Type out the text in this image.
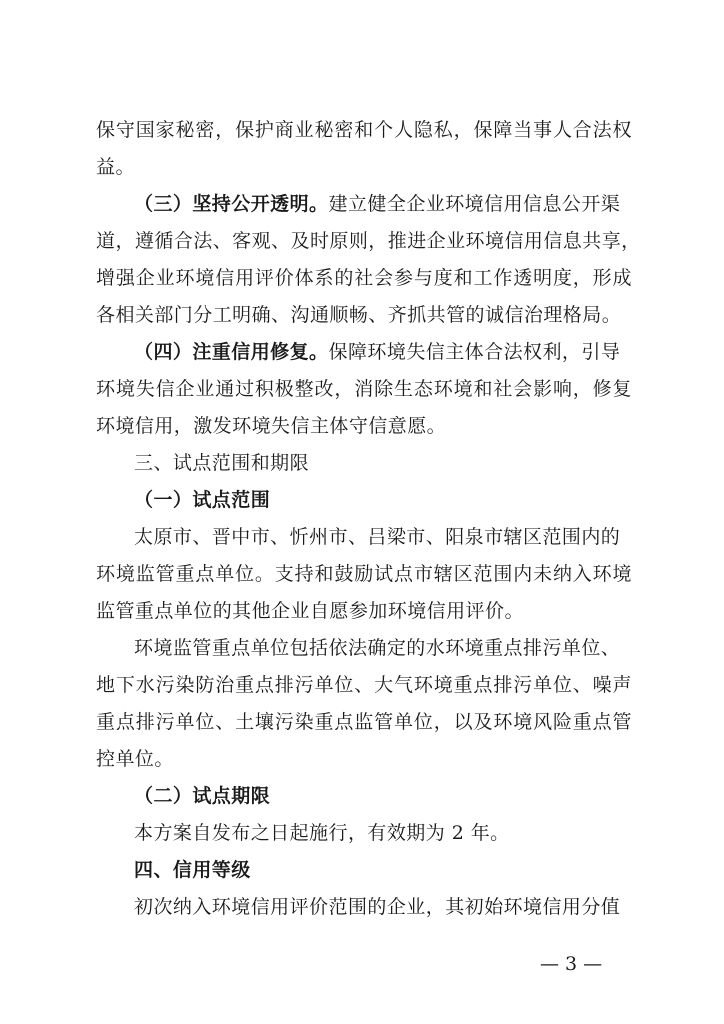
保守国家秘密，保护商业秘密和个人隐私，保障当事人合法权
益。
（三）坚持公开透明。建立健全企业环境信用信息公开渠
道，遵循合法、客观、及时原则，推进企业环境信用信息共享，
增强企业环境信用评价体系的社会参与度和工作透明度，形成
各相关部门分工明确、沟通顺畅、齐抓共管的诚信治理格局。
（四）注重信用修复。保障环境失信主体合法权利，引导
环境失信企业通过积极整改，消除生态环境和社会影响，修复
环境信用，激发环境失信主体守信意愿。
三、试点范围和期限
（一）试点范围
太原市、晋中市、忻州市、吕梁市、阳泉市辖区范围内的
环境监管重点单位。支持和鼓励试点市辖区范围内未纳入环境
监管重点单位的其他企业自愿参加环境信用评价。
环境监管重点单位包括依法确定的水环境重点排污单位、
地下水污染防治重点排污单位、大气环境重点排污单位、噪声
重点排污单位、土壤污染重点监管单位，以及环境风险重点管
控单位。
（二）试点期限
本方案自发布之日起施行，有效期为 2 年。
四、信用等级
初次纳入环境信用评价范围的企业，其初始环境信用分值
— 3 —
